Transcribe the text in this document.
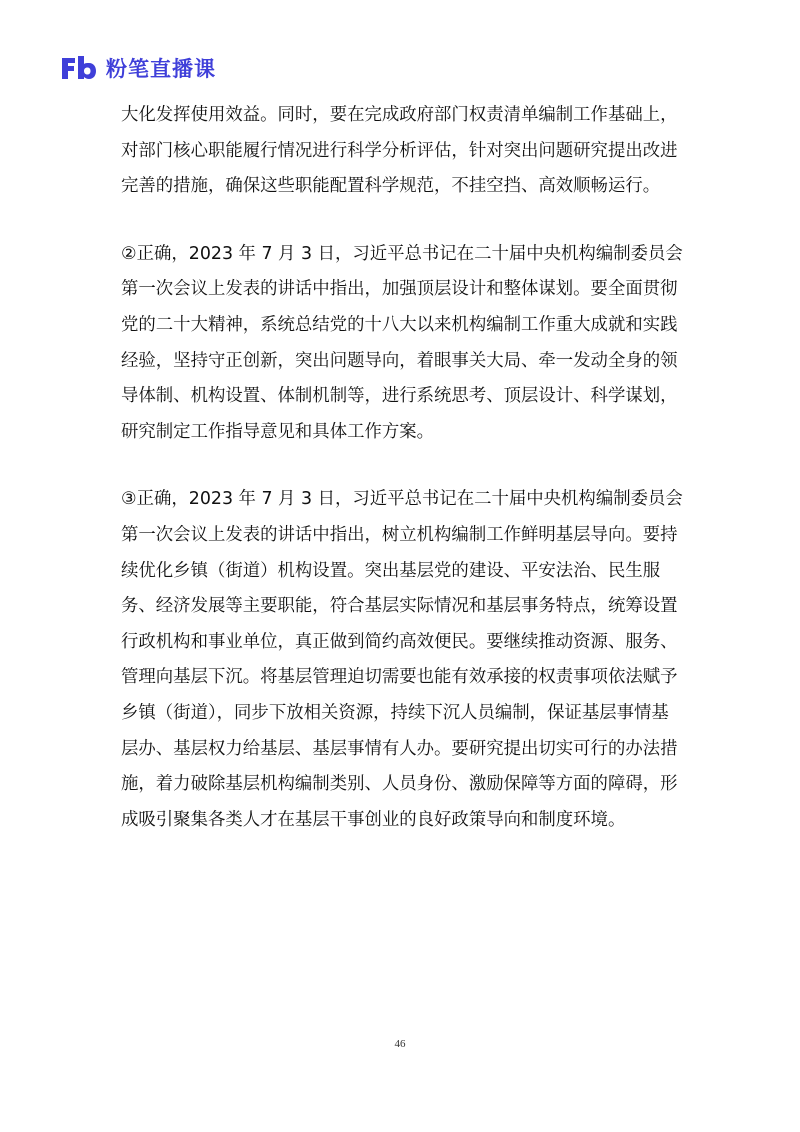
粉笔直播课

大化发挥使用效益。同时，要在完成政府部门权责清单编制工作基础上，对部门核心职能履行情况进行科学分析评估，针对突出问题研究提出改进完善的措施，确保这些职能配置科学规范，不挂空挡、高效顺畅运行。

②正确，2023 年 7 月 3 日，习近平总书记在二十届中央机构编制委员会第一次会议上发表的讲话中指出，加强顶层设计和整体谋划。要全面贯彻党的二十大精神，系统总结党的十八大以来机构编制工作重大成就和实践经验，坚持守正创新，突出问题导向，着眼事关大局、牵一发动全身的领导体制、机构设置、体制机制等，进行系统思考、顶层设计、科学谋划，研究制定工作指导意见和具体工作方案。

③正确，2023 年 7 月 3 日，习近平总书记在二十届中央机构编制委员会第一次会议上发表的讲话中指出，树立机构编制工作鲜明基层导向。要持续优化乡镇（街道）机构设置。突出基层党的建设、平安法治、民生服务、经济发展等主要职能，符合基层实际情况和基层事务特点，统筹设置行政机构和事业单位，真正做到简约高效便民。要继续推动资源、服务、管理向基层下沉。将基层管理迫切需要也能有效承接的权责事项依法赋予乡镇（街道），同步下放相关资源，持续下沉人员编制，保证基层事情基层办、基层权力给基层、基层事情有人办。要研究提出切实可行的办法措施，着力破除基层机构编制类别、人员身份、激励保障等方面的障碍，形成吸引聚集各类人才在基层干事创业的良好政策导向和制度环境。

46
